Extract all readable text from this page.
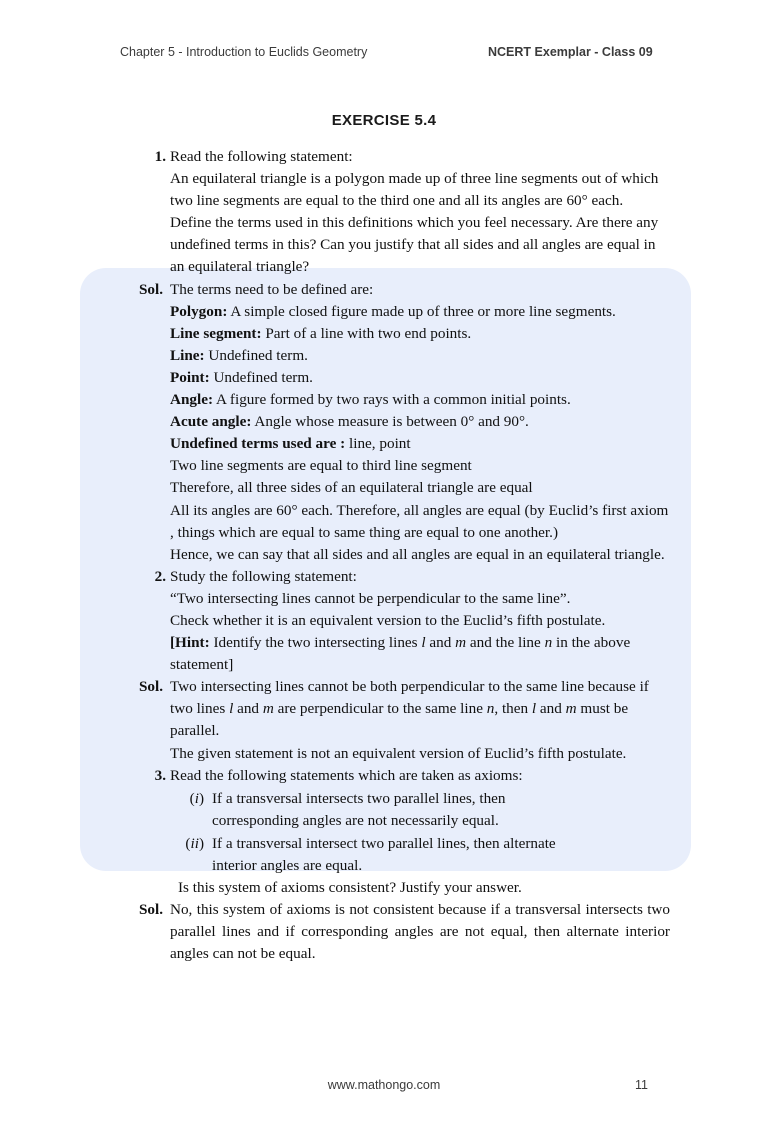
Chapter 5 - Introduction to Euclids Geometry	NCERT Exemplar - Class 09
EXERCISE 5.4
1. Read the following statement:
An equilateral triangle is a polygon made up of three line segments out of which two line segments are equal to the third one and all its angles are 60° each.
Define the terms used in this definitions which you feel necessary. Are there any undefined terms in this? Can you justify that all sides and all angles are equal in an equilateral triangle?
Sol. The terms need to be defined are:
Polygon: A simple closed figure made up of three or more line segments.
Line segment: Part of a line with two end points.
Line: Undefined term.
Point: Undefined term.
Angle: A figure formed by two rays with a common initial points.
Acute angle: Angle whose measure is between 0° and 90°.
Undefined terms used are : line, point
Two line segments are equal to third line segment
Therefore, all three sides of an equilateral triangle are equal
All its angles are 60° each. Therefore, all angles are equal (by Euclid’s first axiom , things which are equal to same thing are equal to one another.)
Hence, we can say that all sides and all angles are equal in an equilateral triangle.
2. Study the following statement:
“Two intersecting lines cannot be perpendicular to the same line”.
Check whether it is an equivalent version to the Euclid’s fifth postulate.
[Hint: Identify the two intersecting lines l and m and the line n in the above statement]
Sol. Two intersecting lines cannot be both perpendicular to the same line because if two lines l and m are perpendicular to the same line n, then l and m must be parallel.
The given statement is not an equivalent version of Euclid’s fifth postulate.
3. Read the following statements which are taken as axioms:
(i) If a transversal intersects two parallel lines, then corresponding angles are not necessarily equal.
(ii) If a transversal intersect two parallel lines, then alternate interior angles are equal.
Is this system of axioms consistent? Justify your answer.
Sol. No, this system of axioms is not consistent because if a transversal intersects two parallel lines and if corresponding angles are not equal, then alternate interior angles can not be equal.
www.mathongo.com	11
